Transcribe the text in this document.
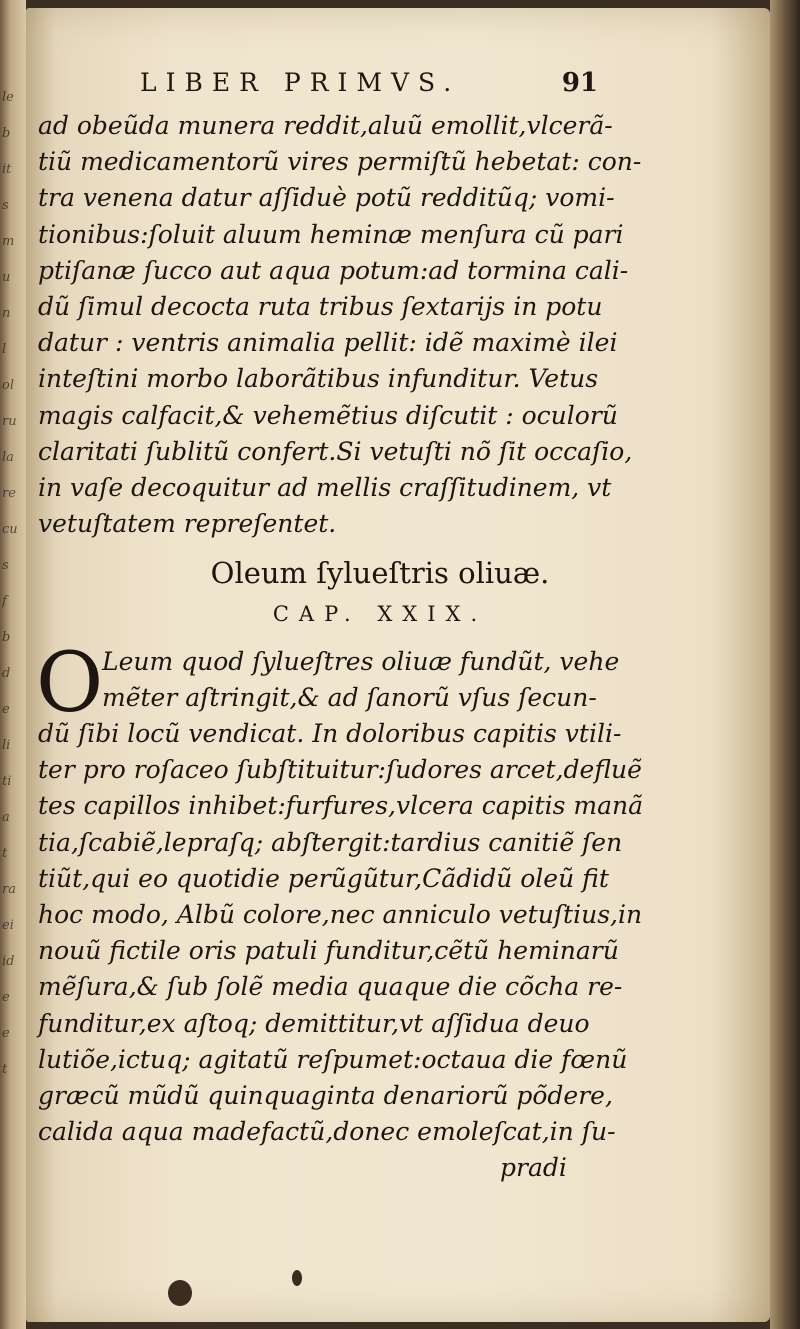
le
b
it
s
m
u
n
l
ol
ru
la
re
cu
s
f
b
d
e
li
ti
a
t
ra
ei
id
e
e
t
LIBER PRIMVS.	91
ad obeũda munera reddit,aluũ emollit,vlcerã-
tiũ medicamentorũ vires permiſtũ hebetat: con-
tra venena datur aſſiduè potũ redditũq; vomi-
tionibus:ſoluit aluum heminæ menſura cũ pari
ptiſanæ ſucco aut aqua potum:ad tormina cali-
dũ ſimul decocta ruta tribus ſextarijs in potu
datur : ventris animalia pellit: idẽ maximè ilei
inteſtini morbo laborãtibus infunditur. Vetus
magis calfacit,& vehemẽtius diſcutit : oculorũ
claritati ſublitũ confert.Si vetuſti nõ ſit occaſio,
in vaſe decoquitur ad mellis craſſitudinem, vt
vetuſtatem repreſentet.
Oleum ſylueſtris oliuæ.
CAP. XXIX.
O
Leum quod ſylueſtres oliuæ fundũt, vehe
mẽter aſtringit,& ad ſanorũ vſus ſecun-
dũ ſibi locũ vendicat. In doloribus capitis vtili-
ter pro roſaceo ſubſtituitur:ſudores arcet,defluẽ
tes capillos inhibet:furfures,vlcera capitis manã
tia,ſcabiẽ,lepraſq; abſtergit:tardius canitiẽ ſen
tiũt,qui eo quotidie perũgũtur,Cãdidũ oleũ fit
hoc modo, Albũ colore,nec anniculo vetuſtius,in
nouũ fictile oris patuli funditur,cẽtũ heminarũ
mẽſura,& ſub ſolẽ media quaque die cõcha re-
funditur,ex aſtoq; demittitur,vt aſſidua deuo
lutiõe,ictuq; agitatũ reſpumet:octaua die fœnũ
græcũ mũdũ quinquaginta denariorũ põdere,
calida aqua madefactũ,donec emoleſcat,in ſu-
pradi
